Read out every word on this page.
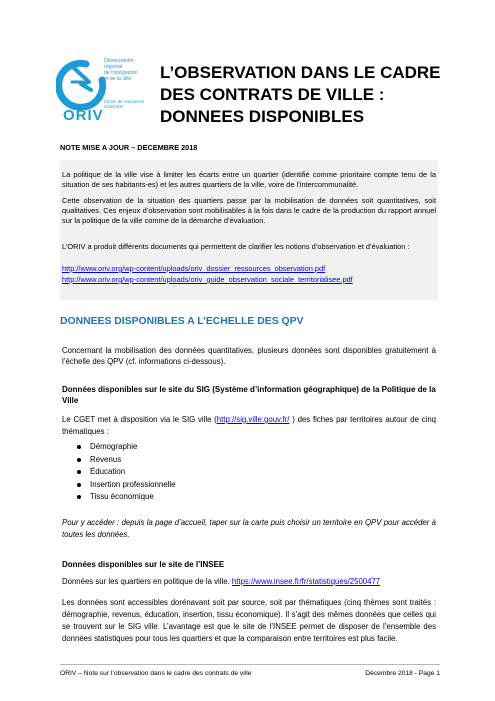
Observatoire
régional
de l'intégration
et de la ville
Centre de ressources
Grand Est
ORIV
L’OBSERVATION DANS LE CADRE
DES CONTRATS DE VILLE :
DONNEES DISPONIBLES
NOTE MISE A JOUR – DECEMBRE 2018

La politique de la ville vise à limiter les écarts entre un quartier (identifié comme prioritaire compte tenu de la situation de ses habitants-es) et les autres quartiers de la ville, voire de l’intercommunalité.

Cette observation de la situation des quartiers passe par la mobilisation de données soit quantitatives, soit qualitatives. Ces enjeux d’observation sont mobilisables à la fois dans le cadre de la production du rapport annuel sur la politique de la ville comme de la démarche d’évaluation.

L’ORIV a produit différents documents qui permettent de clarifier les notions d’observation et d’évaluation :

http://www.oriv.org/wp-content/uploads/oriv_dossier_ressources_observation.pdf

http://www.oriv.org/wp-content/uploads/oriv_guide_observation_sociale_territorialisee.pdf

DONNEES DISPONIBLES A L’ECHELLE DES QPV

Concernant la mobilisation des données quantitatives, plusieurs données sont disponibles gratuitement à l’échelle des QPV (cf. informations ci-dessous).

Données disponibles sur le site du SIG (Système d’information géographique) de la Politique de la Ville

Le CGET met à disposition via le SIG ville (http://sig.ville.gouv.fr/ ) des fiches par territoires autour de cinq thématiques :

Démographie
Revenus
Éducation
Insertion professionnelle
Tissu économique

Pour y accéder : depuis la page d’accueil, taper sur la carte puis choisir un territoire en QPV pour accéder à toutes les données.

Données disponibles sur le site de l’INSEE

Données sur les quartiers en politique de la ville. https://www.insee.fr/fr/statistiques/2500477

Les données sont accessibles dorénavant soit par source, soit par thématiques (cinq thèmes sont traités : démographie, revenus, éducation, insertion, tissu économique). Il s’agit des mêmes données que celles qui se trouvent sur le SIG ville. L’avantage est que le site de l’INSEE permet de disposer de l’ensemble des données statistiques pour tous les quartiers et que la comparaison entre territoires est plus facile.

ORIV – Note sur l’observation dans le cadre des contrats de ville	Décembre 2018 - Page 1
